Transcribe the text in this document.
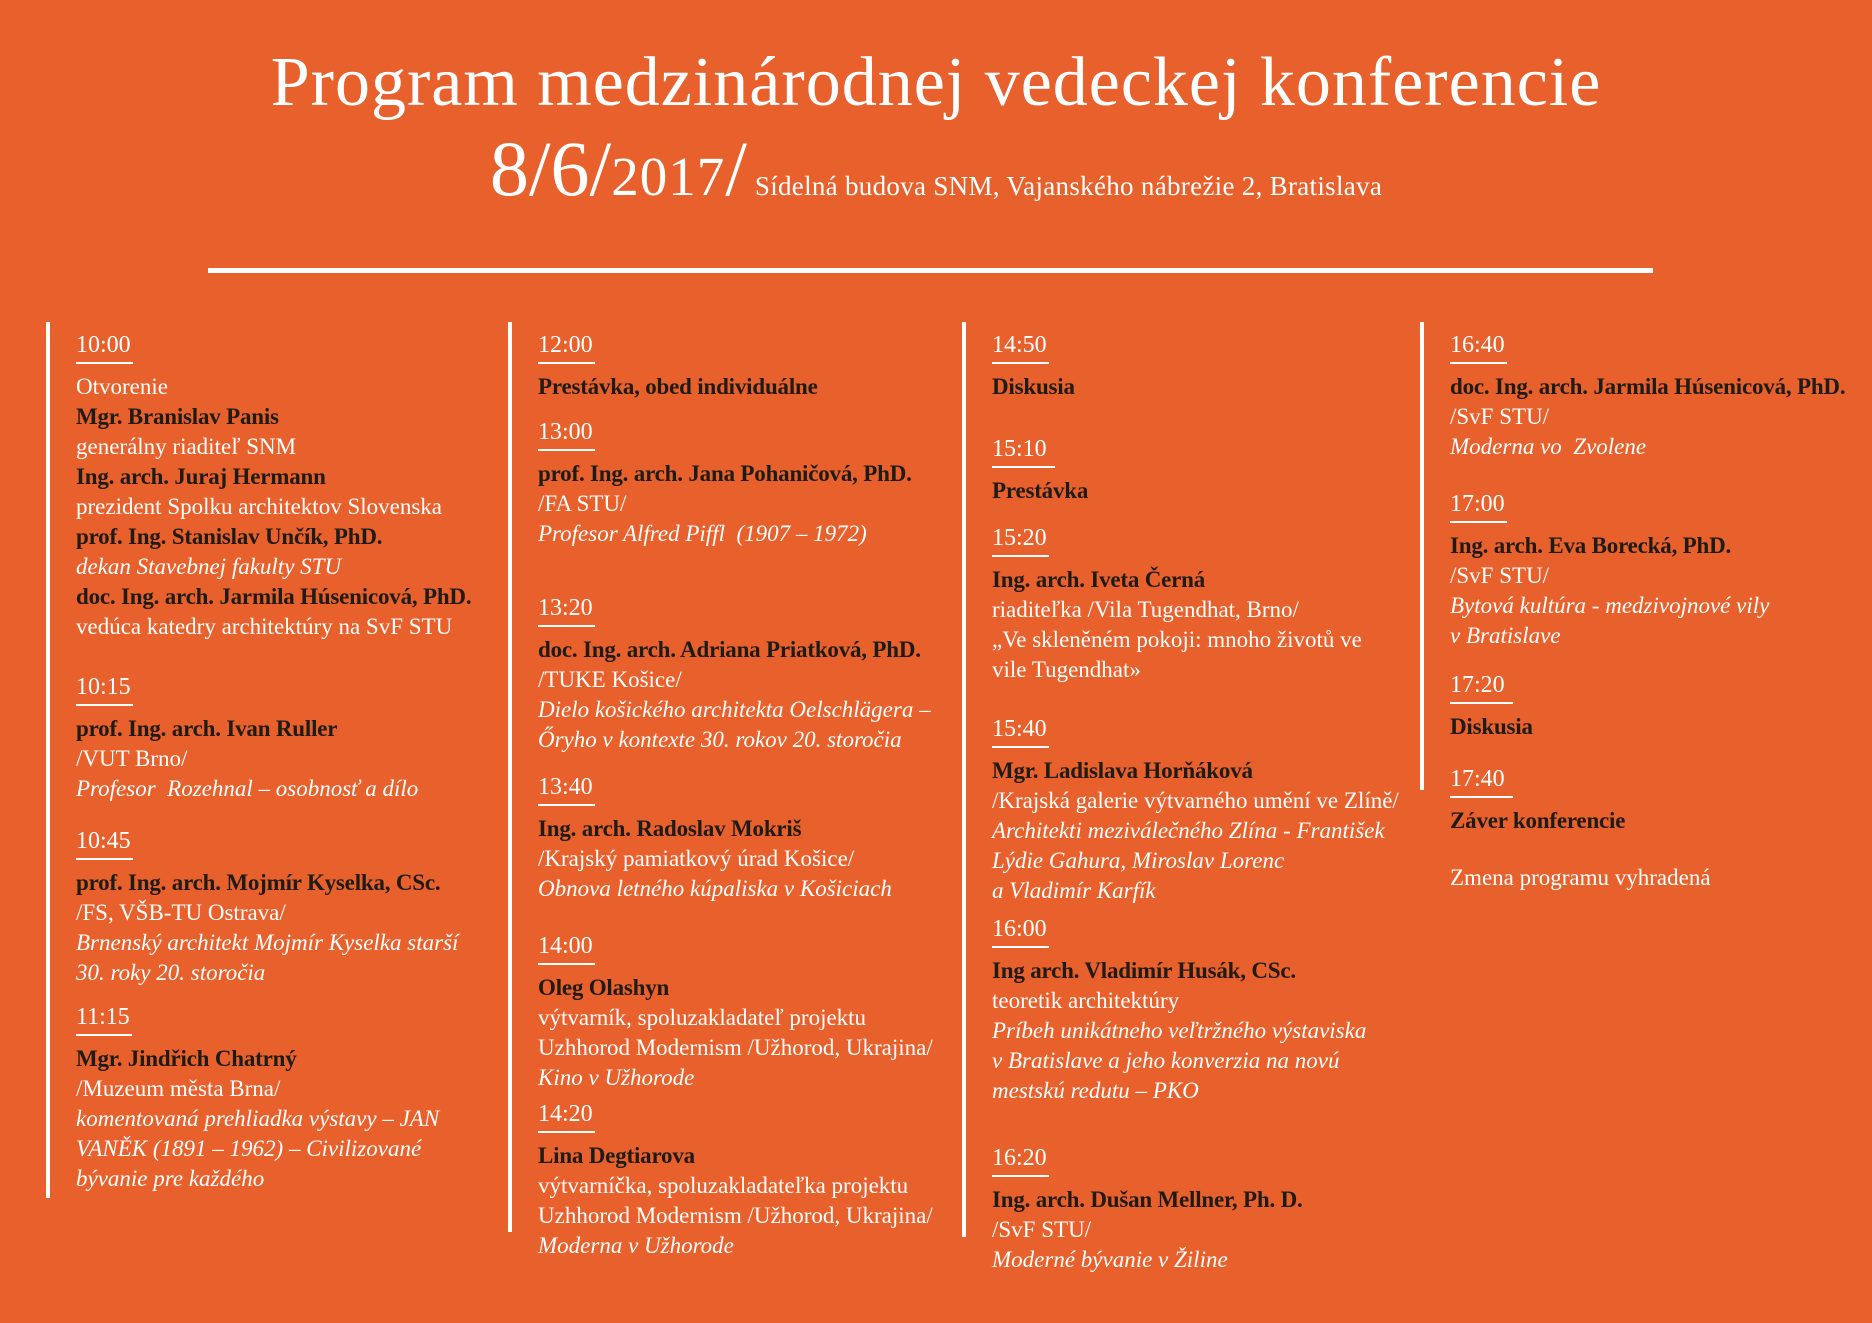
Program medzinárodnej vedeckej konferencie
8/6/ 2017 / Sídelná budova SNM, Vajanského nábrežie 2, Bratislava
10:00

Otvorenie

Mgr. Branislav Panis

generálny riaditeľ SNM

Ing. arch. Juraj Hermann

prezident Spolku architektov Slovenska

prof. Ing. Stanislav Unčík, PhD.

dekan Stavebnej fakulty STU

doc. Ing. arch. Jarmila Húsenicová, PhD.

vedúca katedry architektúry na SvF STU

10:15

prof. Ing. arch. Ivan Ruller

/VUT Brno/

Profesor  Rozehnal – osobnosť a dílo

10:45

prof. Ing. arch. Mojmír Kyselka, CSc.

/FS, VŠB-TU Ostrava/

Brnenský architekt Mojmír Kyselka starší

30. roky 20. storočia

11:15

Mgr. Jindřich Chatrný

/Muzeum města Brna/

komentovaná prehliadka výstavy – JAN

VANĚK (1891 – 1962) – Civilizované

bývanie pre každého

12:00

Prestávka, obed individuálne

13:00

prof. Ing. arch. Jana Pohaničová, PhD.

/FA STU/

Profesor Alfred Piffl  (1907 – 1972)

13:20

doc. Ing. arch. Adriana Priatková, PhD.

/TUKE Košice/

Dielo košického architekta Oelschlägera –

Őryho v kontexte 30. rokov 20. storočia

13:40

Ing. arch. Radoslav Mokriš

/Krajský pamiatkový úrad Košice/

Obnova letného kúpaliska v Košiciach

14:00

Oleg Olashyn

výtvarník, spoluzakladateľ projektu

Uzhhorod Modernism /Užhorod, Ukrajina/

Kino v Užhorode

14:20

Lina Degtiarova

výtvarníčka, spoluzakladateľka projektu

Uzhhorod Modernism /Užhorod, Ukrajina/

Moderna v Užhorode

14:50

Diskusia

15:10

Prestávka

15:20

Ing. arch. Iveta Černá

riaditeľka /Vila Tugendhat, Brno/

„Ve skleněném pokoji: mnoho životů ve

vile Tugendhat»

15:40

Mgr. Ladislava Horňáková

/Krajská galerie výtvarného umění ve Zlíně/

Architekti meziválečného Zlína - František

Lýdie Gahura, Miroslav Lorenc

a Vladimír Karfík

16:00

Ing arch. Vladimír Husák, CSc.

teoretik architektúry

Príbeh unikátneho veľtržného výstaviska

v Bratislave a jeho konverzia na novú

mestskú redutu – PKO

16:20

Ing. arch. Dušan Mellner, Ph. D.

/SvF STU/

Moderné bývanie v Žiline

16:40

doc. Ing. arch. Jarmila Húsenicová, PhD.

/SvF STU/

Moderna vo  Zvolene

17:00

Ing. arch. Eva Borecká, PhD.

/SvF STU/

Bytová kultúra - medzivojnové vily

v Bratislave

17:20

Diskusia

17:40

Záver konferencie

Zmena programu vyhradená
